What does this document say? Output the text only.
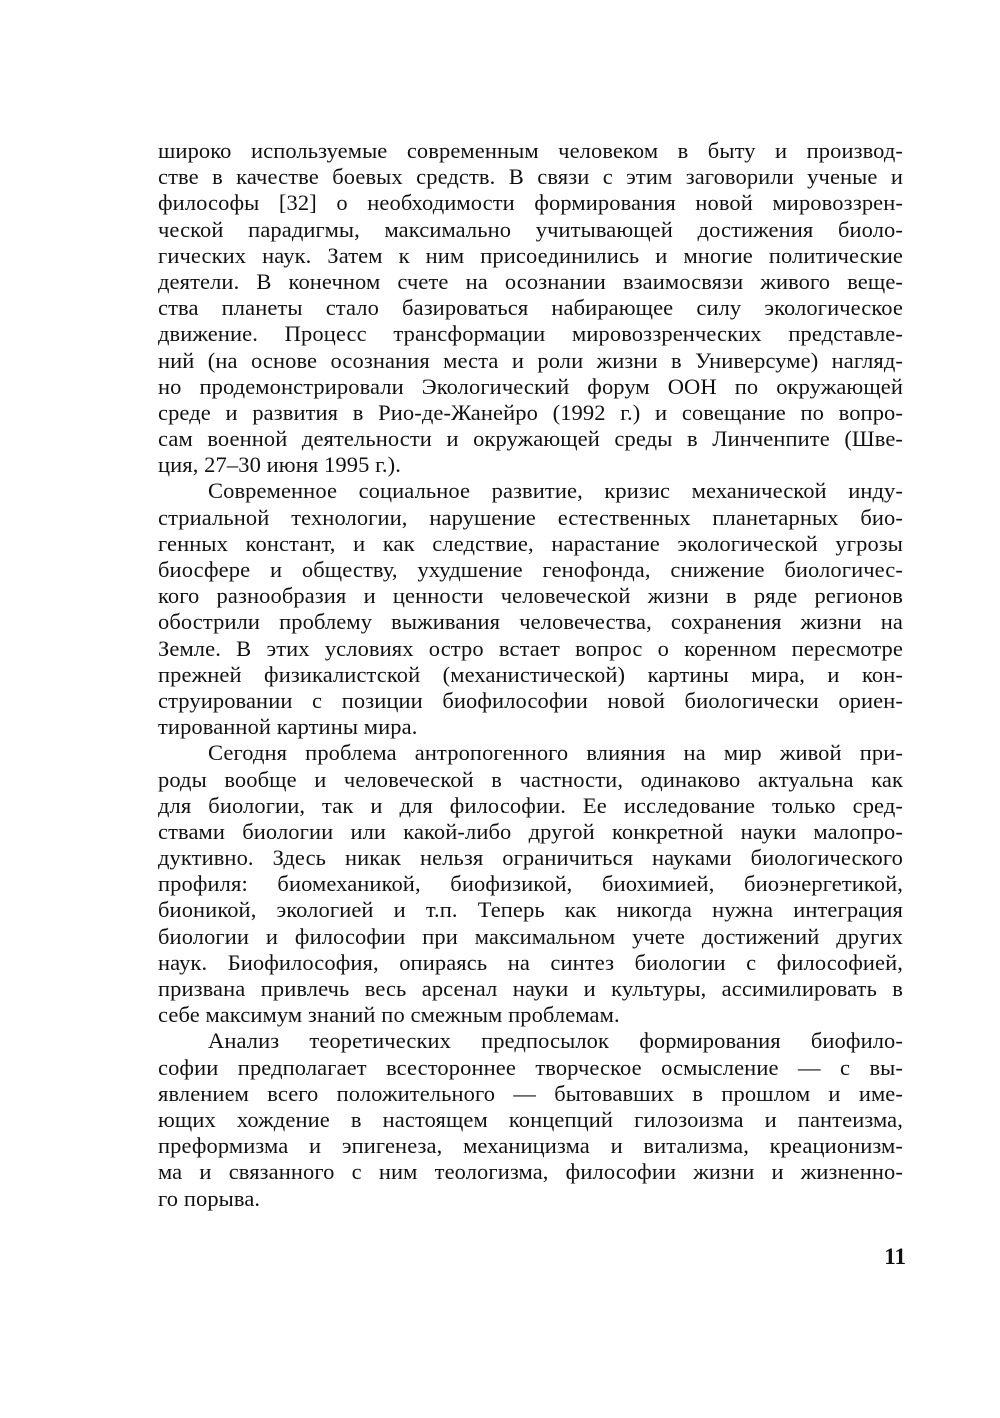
широко используемые современным человеком в быту и производ-
стве в качестве боевых средств. В связи с этим заговорили ученые и
философы [32] о необходимости формирования новой мировоззрен-
ческой парадигмы, максимально учитывающей достижения биоло-
гических наук. Затем к ним присоединились и многие политические
деятели. В конечном счете на осознании взаимосвязи живого веще-
ства планеты стало базироваться набирающее силу экологическое
движение. Процесс трансформации мировоззренческих представле-
ний (на основе осознания места и роли жизни в Универсуме) нагляд-
но продемонстрировали Экологический форум ООН по окружающей
среде и развития в Рио-де-Жанейро (1992 г.) и совещание по вопро-
сам военной деятельности и окружающей среды в Линченпите (Шве-
ция, 27–30 июня 1995 г.).
Современное социальное развитие, кризис механической инду-
стриальной технологии, нарушение естественных планетарных био-
генных констант, и как следствие, нарастание экологической угрозы
биосфере и обществу, ухудшение генофонда, снижение биологичес-
кого разнообразия и ценности человеческой жизни в ряде регионов
обострили проблему выживания человечества, сохранения жизни на
Земле. В этих условиях остро встает вопрос о коренном пересмотре
прежней физикалистской (механистической) картины мира, и кон-
струировании с позиции биофилософии новой биологически ориен-
тированной картины мира.
Сегодня проблема антропогенного влияния на мир живой при-
роды вообще и человеческой в частности, одинаково актуальна как
для биологии, так и для философии. Ее исследование только сред-
ствами биологии или какой-либо другой конкретной науки малопро-
дуктивно. Здесь никак нельзя ограничиться науками биологического
профиля: биомеханикой, биофизикой, биохимией, биоэнергетикой,
бионикой, экологией и т.п. Теперь как никогда нужна интеграция
биологии и философии при максимальном учете достижений других
наук. Биофилософия, опираясь на синтез биологии с философией,
призвана привлечь весь арсенал науки и культуры, ассимилировать в
себе максимум знаний по смежным проблемам.
Анализ теоретических предпосылок формирования биофило-
софии предполагает всестороннее творческое осмысление — с вы-
явлением всего положительного — бытовавших в прошлом и име-
ющих хождение в настоящем концепций гилозоизма и пантеизма,
преформизма и эпигенеза, механицизма и витализма, креационизм-
ма и связанного с ним теологизма, философии жизни и жизненно-
го порыва.
11
